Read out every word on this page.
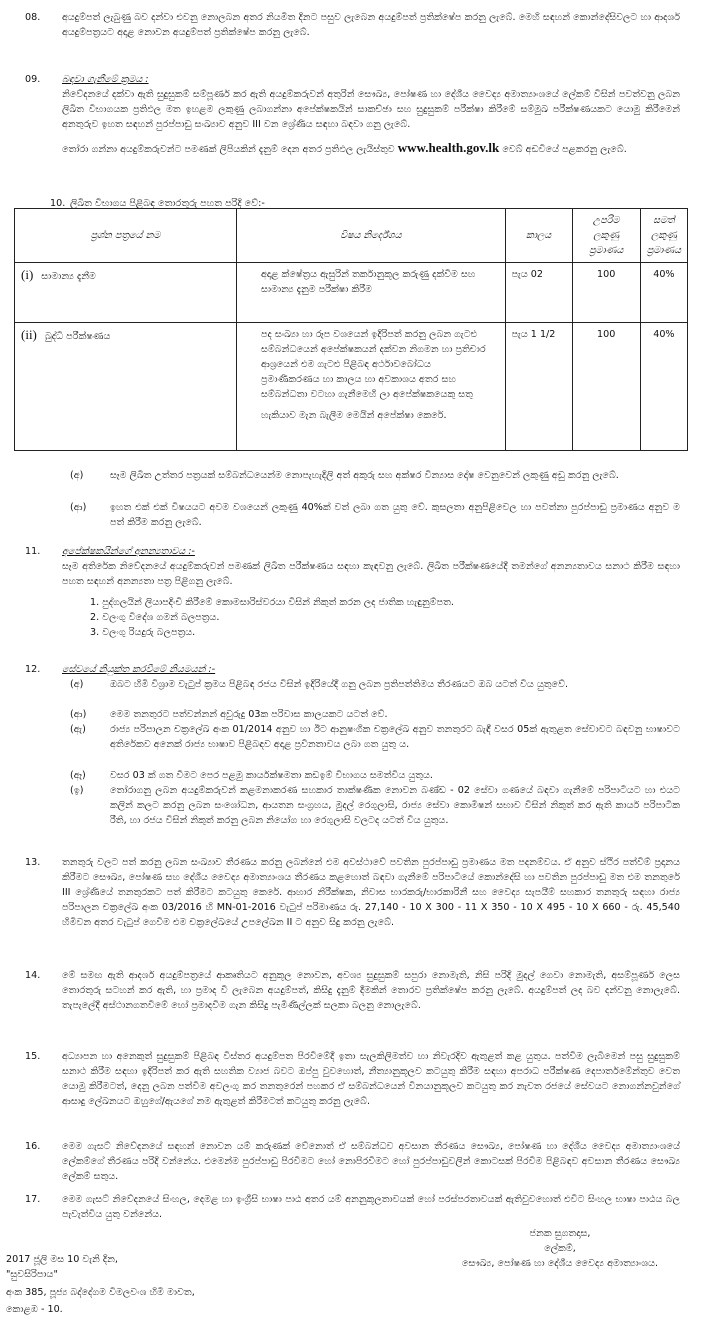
08. අයදුම්පත් ලැබුණු බව දන්වා එවනු නොලබන අතර නියමිත දිනට පසුව ලැබෙන අයදුම්පත් ප්‍රතික්ෂේප කරනු ලැබේ. මෙහි සඳහන් කොන්දේසිවලට හා ආදර්ශ අයදුම්පත්‍රයට අදාළ නොවන අයදුම්පත් ප්‍රතික්ෂේප කරනු ලැබේ.
09. බඳවා ගැනීමේ ක්‍රමය :
නිවේදනයේ දක්වා ඇති සුදුසුකම් සම්පූර්ණ කර ඇති අයදුම්කරුවන් අතුරින් සෞඛ්‍ය, පෝෂණ හා දේශීය වෛද්‍ය අමාත්‍යාංශයේ ලේකම් විසින් පවත්වනු ලබන ලිඛිත විභාගයක ප්‍රතිඵල මත ඉහළම ලකුණු ලබාගන්නා අපේක්ෂකයින් සාකච්ඡා සහ සුදුසුකම් පරීක්ෂා කිරීමේ සම්මුඛ පරීක්ෂණයකට යොමු කිරීමෙන් අනතුරුව ඉහත සඳහන් පුරප්පාඩු සංඛ්‍යාව අනුව III වන ශ්‍රේණිය සඳහා බඳවා ගනු ලැබේ.
තෝරා ගන්නා අයදුම්කරුවන්ට පමණක් ලිපියකින් දැනුම් දෙන අතර ප්‍රතිඵල ලැයිස්තුව www.health.gov.lk වෙබ් අඩවියේ පළකරනු ලැබේ.
10. ලිඛිත විභාගය පිළිබඳ තොරතුරු පහත පරිදි වේ:-
ප්‍රශ්න පත්‍රයේ නම	විෂය නිර්දේශය	කාලය	උපරිම ලකුණු ප්‍රමාණය	සමත් ලකුණු ප්‍රමාණය
(i) සාමාන්‍ය දැනීම	අදාළ ක්ෂේත්‍රය ඇසුරින් තර්කානුකූල කරුණු දක්වීම සහ සාමාන්‍ය දැනුම පරීක්ෂා කිරීම	පැය 02	100	40%
(ii) බුද්ධි පරීක්ෂණය	පද සංඛ්‍යා හා රූප වශයෙන් ඉදිරිපත් කරනු ලබන ගැටළු සම්බන්ධයෙන් අපේක්ෂකයන් දක්වන නිගමන හා ප්‍රතිචාර ආශ්‍රයෙන් එම ගැටළු පිළිබඳ අර්ථාවබෝධය ප්‍රමාණීකරණය හා කාලය හා අවකාශය අතර සහ සම්බන්ධතා වටහා ගැනීමෙහි ලා අපේක්ෂකයෙකු සතු
හැකියාව මැන බැලීම මෙයින් අපේක්ෂා කෙරේ.	පැය 1 1/2	100	40%
(අ)	සෑම ලිඛිත උත්තර පත්‍රයක් සම්බන්ධයෙන්ම නොපැහැදිලි අත් අකුරු සහ අක්ෂර වින්‍යාස දෝෂ වෙනුවෙන් ලකුණු අඩු කරනු ලැබේ.
(ආ) ඉහත එක් එක් විෂයයට අවම වශයෙන් ලකුණු 40%ක් වත් ලබා ගත යුතු වේ. කුසලතා අනුපිළිවෙල හා පවත්නා පුරප්පාඩු ප්‍රමාණය අනුව ම පත් කිරීම කරනු ලැබේ.
11. අපේක්ෂකයින්ගේ අනන්‍යතාවය :-
සෑම අතිරේක නිවේදනයේ අයදුම්කරුවන් පමණක් ලිඛිත පරීක්ෂණය සඳහා කැඳවනු ලැබේ. ලිඛිත පරීක්ෂණයේදී තමන්ගේ අනන්‍යතාවය සනාථ කිරීම සඳහා පහත සඳහන් අනන්‍යතා පත්‍ර පිළිගනු ලැබේ.
1. පුද්ගලයින් ලියාපදිංචි කිරීමේ කොමසාරිස්වරයා විසින් නිකුත් කරන ලද ජාතික හැඳුනුම්පත.
2. වලංගු විදේශ ගමන් බලපත්‍රය.
3. වලංගු රියදුරු බලපත්‍රය.
12. සේවයේ නියුක්ත කරවීමේ නියමයන් :-
(අ)	ඔබට හිමි විශ්‍රාම වැටුප් ක්‍රමය පිළිබඳ රජය විසින් ඉදිරියේදී ගනු ලබන ප්‍රතිපත්තිමය තීරණයට ඔබ යටත් විය යුතුවේ.
(ආ) මෙම තනතුරට පත්වන්නන් අවුරුදු 03ක පරිවාස කාලයකට යටත් වේ.
(ඇ)	රාජ්‍ය පරිපාලන චක්‍රලේඛ අංක 01/2014 අනුව හා ඊට ආනුෂංගික චක්‍රලේඛ අනුව තනතුරට බැඳී වසර 05ක් ඇතුළත සේවාවට බඳවනු භාෂාවට අතිරේකව අනෙක් රාජ්‍ය භාෂාව පිළිබඳව අදාළ ප්‍රවීනතාවය ලබා ගත යුතු ය.
(ඈ)	වසර 03 ක් ගත වීමට පෙර පළමු කාර්යක්ෂමතා කඩඉම් විභාගය සමත්විය යුතුය.
(ඉ)	තෝරාගනු ලබන අයදුම්කරුවන් කළමනාකරණ සහකාර තාක්ෂණික නොවන බණ්ඩ - 02 සේවා ගණයේ බඳවා ගැනීමේ පරිපාටියට හා එයට කලින් කලට කරනු ලබන සංශෝධන, ආයතන සංග්‍රහය, මුදල් රෙගුලාසි, රාජ්‍ය සේවා කොමිෂන් සභාව විසින් නිකුත් කර ඇති කාර්ය පරිපාටික රීති, හා රජය විසින් නිකුත් කරනු ලබන නියෝග හා රෙගුලාසි වලටද යටත් විය යුතුය.
13. තනතුරු වලට පත් කරනු ලබන සංඛ්‍යාව තීරණය කරනු ලබන්නේ එම අවස්ථාවේ පවතින පුරප්පාඩු ප්‍රමාණය මත පදනම්වය. ඒ අනුව ස්ථිර පත්වීම් ප්‍රදානය කිරීමට සෞඛ්‍ය, පෝෂණ සහ දේශීය වෛද්‍ය අමාත්‍යාංශය තීරණය කළහොත් බඳවා ගැනීමේ පරිපාටියේ කොන්දේසි හා පවතින පුරප්පාඩු මත එම තනතුරේ III ශ්‍රේණියේ තනතුරකට පත් කිරීමට කටයුතු කෙරේ. ආහාර නිරීක්ෂක, නිවාස භාරකරු/භාරකාරිනී සහ වෛද්‍ය සැපයීම් සහකාර තනතුරු සඳහා රාජ්‍ය පරිපාලන චක්‍රලේඛ අංක 03/2016 හි MN-01-2016 වැටුප් පරිමාණය රු. 27,140 - 10 X 300 - 11 X 350 - 10 X 495 - 10 X 660 - රු. 45,540 හිමිවන අතර වැටුප් ගෙවීම එම චක්‍රලේඛයේ උපලේඛන II ට අනුව සිදු කරනු ලැබේ.
14. මේ සමඟ ඇති ආදර්ශ අයදුම්පත්‍රයේ ආකෘතියට අනුකූල නොවන, අවශ්‍ය සුදුසුකම් සපුරා නොමැති, නිසි පරිදි මුදල් ගෙවා නොමැති, අසම්පූර්ණ ලෙස තොරතුරු සටහන් කර ඇති, හා ප්‍රමාද වී ලැබෙන අයදුම්පත්, කිසිදු දැනුම් දීමකින් තොරව ප්‍රතික්ෂේප කරනු ලැබේ. අයදුම්පත් ලද බව දන්වනු නොලැබේ. තැපැලේදී අස්ථානගතවීමේ හෝ ප්‍රමාදවීම ගැන කිසිදු පැමිණිල්ලක් සලකා බලනු නොලැබේ.
15. අධ්‍යාපන හා අනෙකුත් සුදුසුකම් පිළිබඳ විස්තර අයදුම්පත පිරවීමේදී ඉතා සැලකිලිමත්ව හා නිවැරදිව ඇතුළත් කළ යුතුය. පත්වීම ලැබීමෙන් පසු සුදුසුකම් සනාථ කිරීම සඳහා ඉදිරිපත් කර ඇති සහතික ව්‍යාජ බවට ඔප්පු වුවහොත්, නීත්‍යානුකූලව කටයුතු කිරීම සඳහා අපරාධ පරීක්ෂණ දෙපාර්තමේන්තුව වෙත යොමු කිරීමටත්, දෙනු ලබන පත්වීම අවලංගු කර තනතුරෙන් පහකර ඒ සම්බන්ධයෙන් විනයානුකූලව කටයුතු කර නැවත රජයේ සේවයට නොගන්නවුන්ගේ ආසාදු ලේඛනයට ඔහුගේ/ඇයගේ නම ඇතුළත් කිරීමටත් කටයුතු කරනු ලැබේ.
16. මෙම ගැසට් නිවේදනයේ සඳහන් නොවන යම් කරුණක් වේනොත් ඒ සම්බන්ධව අවසාන තීරණය සෞඛ්‍ය, පෝෂණ හා දේශීය වෛද්‍ය අමාත්‍යාංශයේ ලේකම්ගේ තීරණය පරිදි වන්නේය. එමෙන්ම පුරප්පාඩු පිරවීමට හෝ නොපිරවීමට හෝ පුරප්පාඩුවලින් කොටසක් පිරවීම පිළිබඳව අවසාන තීරණය සෞඛ්‍ය ලේකම් සතුය.
17. මෙම ගැසට් නිවේදනයේ සිංහල, දෙමළ හා ඉංග්‍රීසි භාෂා පාඨ අතර යම් අනනුකූලතාවයක් හෝ පරස්පරතාවයක් ඇතිවුවහොත් එවිට සිංහල භාෂා පාඨය බල පැවැත්විය යුතු වන්නේය.
ජනක සුගතදාස,
ලේකම්,
සෞඛ්‍ය, පෝෂණ හා දේශීය වෛද්‍ය අමාත්‍යාංශය.
2017 ජූලි මස 10 වැනි දින,
"සුවසිරිපාය"
අංක 385, පූජ්‍ය බද්දේගම විමලවංශ හිමි මාවත,
කොළඹ - 10.
